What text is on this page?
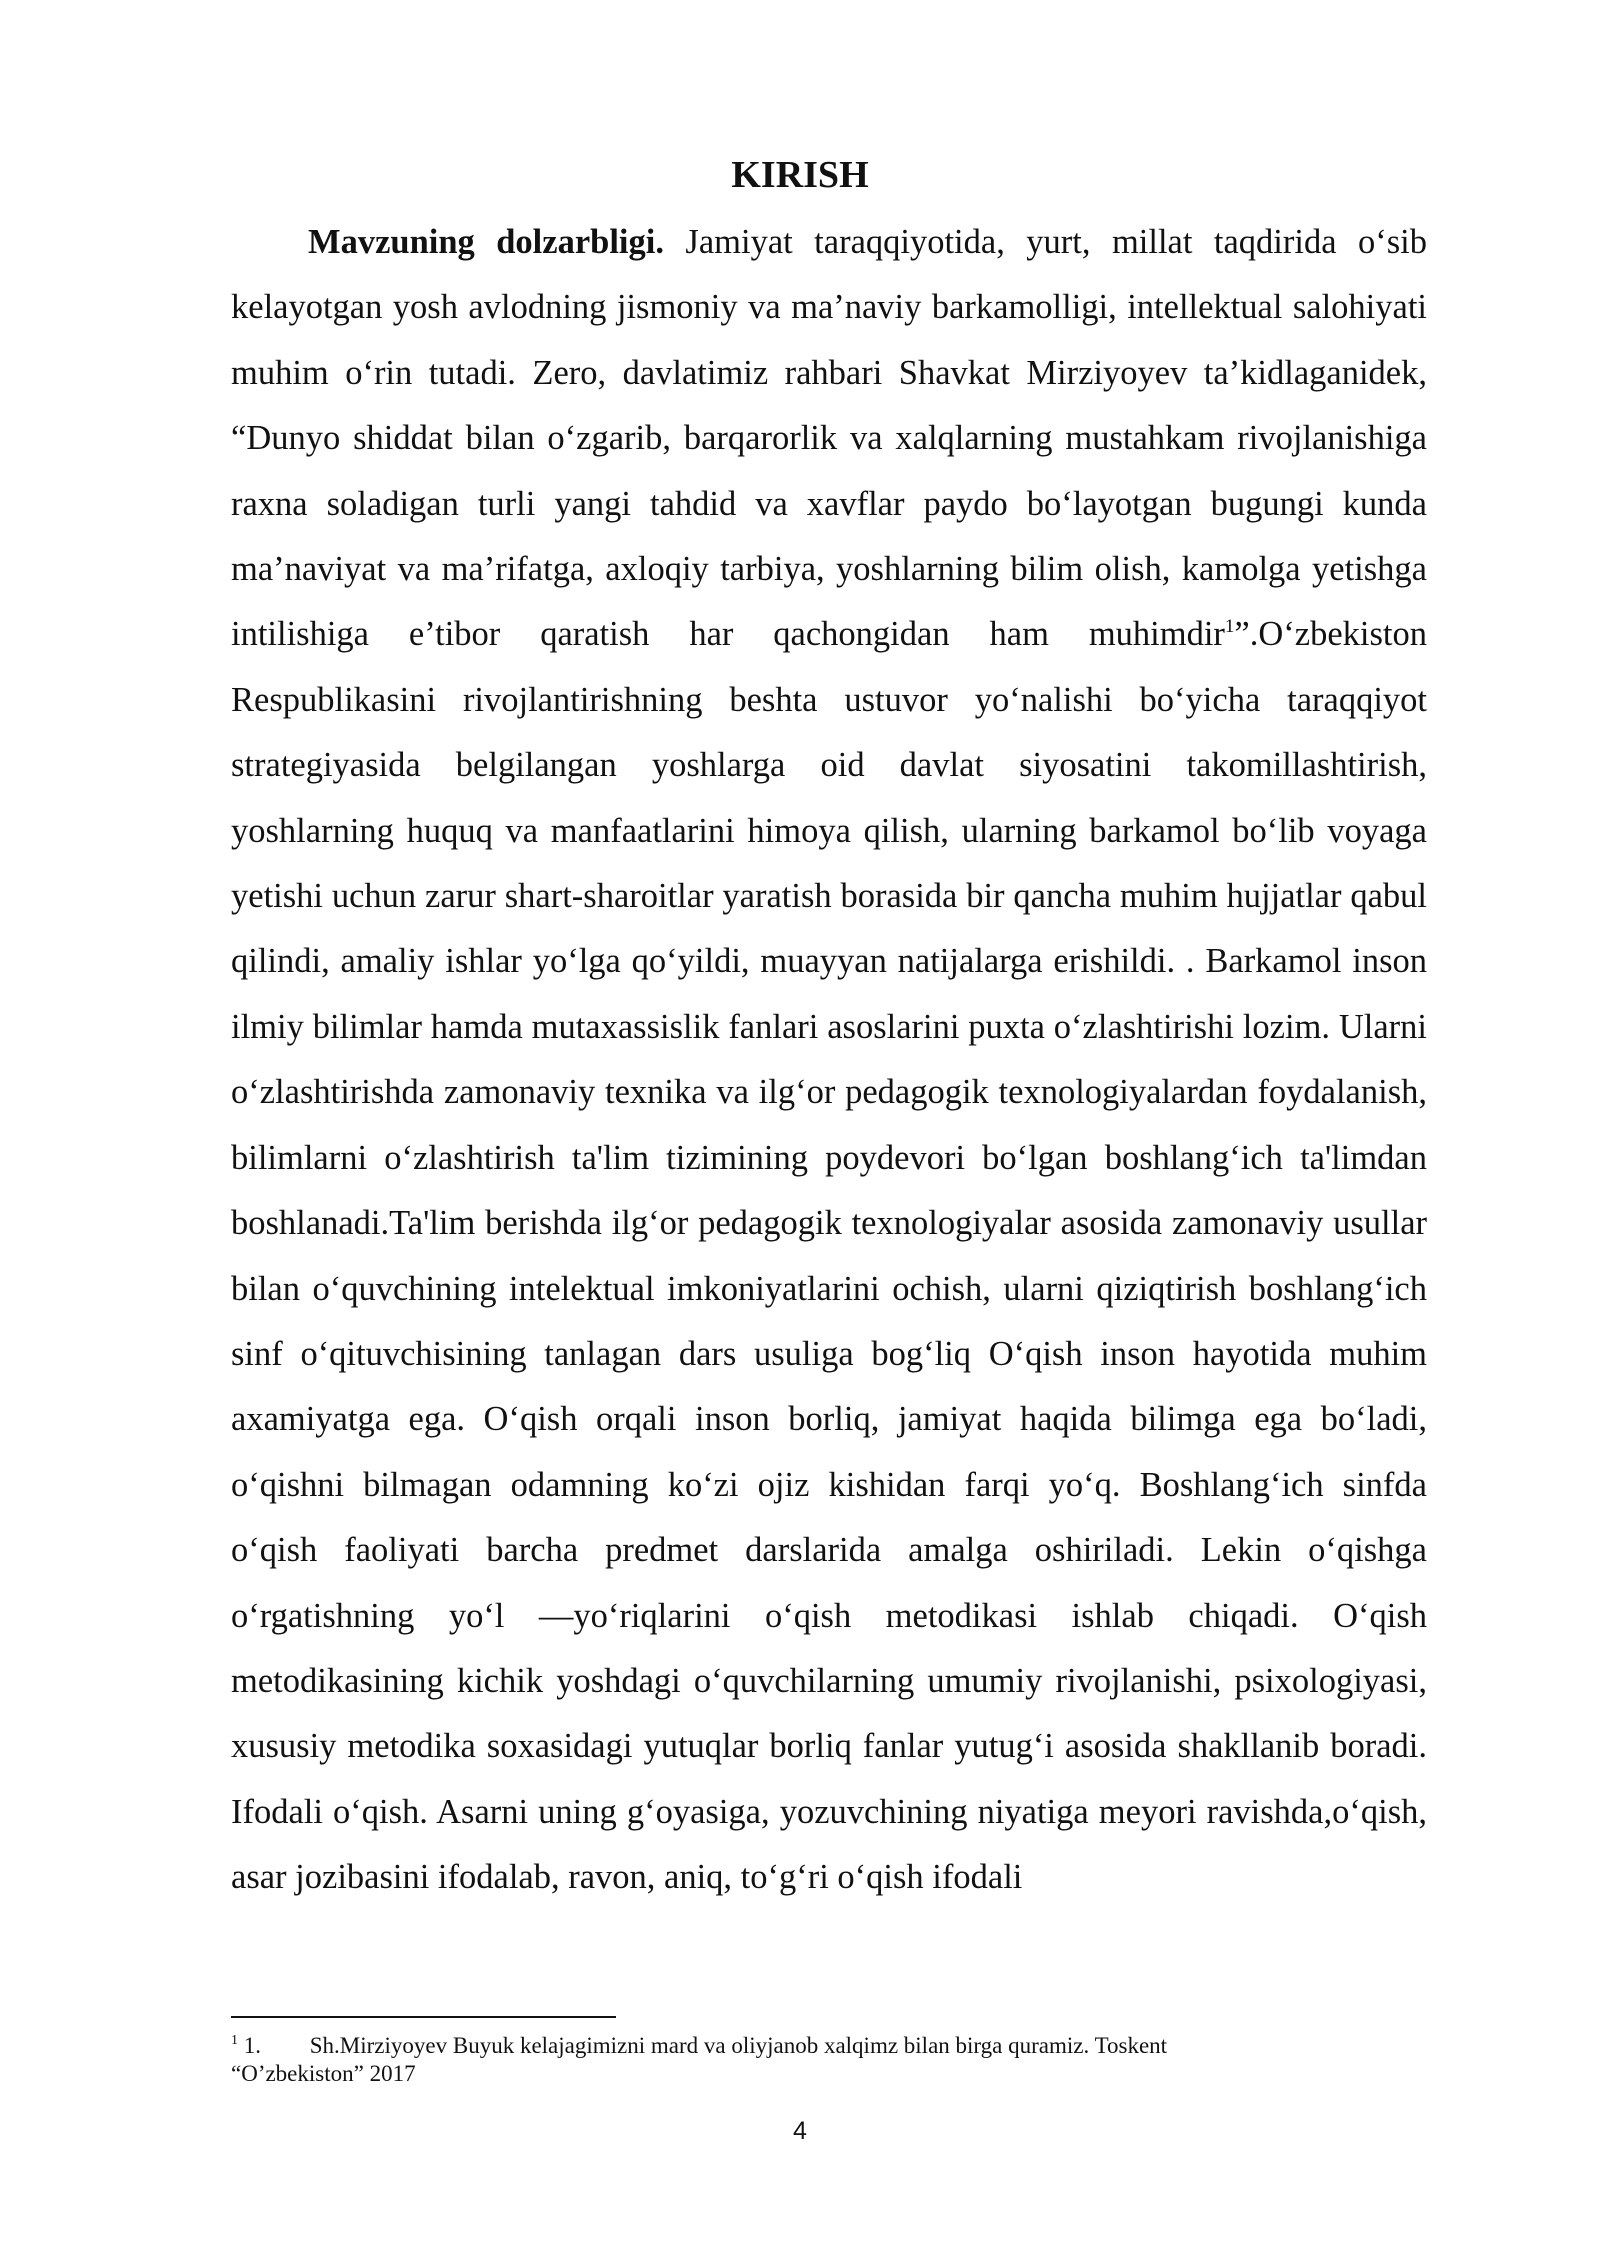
KIRISH

Mavzuning dolzarbligi. Jamiyat taraqqiyotida, yurt, millat taqdirida o‘sib kelayotgan yosh avlodning jismoniy va ma’naviy barkamolligi, intellektual salohiyati muhim o‘rin tutadi. Zero, davlatimiz rahbari Shavkat Mirziyoyev ta’kidlaganidek, “Dunyo shiddat bilan o‘zgarib, barqarorlik va xalqlarning mustahkam rivojlanishiga raxna soladigan turli yangi tahdid va xavflar paydo bo‘layotgan bugungi kunda ma’naviyat va ma’rifatga, axloqiy tarbiya, yoshlarning bilim olish, kamolga yetishga intilishiga e’tibor qaratish har qachongidan ham muhimdir$^1$”.O‘zbekiston Respublikasini rivojlantirishning beshta ustuvor yo‘nalishi bo‘yicha taraqqiyot strategiyasida belgilangan yoshlarga oid davlat siyosatini takomillashtirish, yoshlarning huquq va manfaatlarini himoya qilish, ularning barkamol bo‘lib voyaga yetishi uchun zarur shart-sharoitlar yaratish borasida bir qancha muhim hujjatlar qabul qilindi, amaliy ishlar yo‘lga qo‘yildi, muayyan natijalarga erishildi. . Barkamol inson ilmiy bilimlar hamda mutaxassislik fanlari asoslarini puxta o‘zlashtirishi lozim. Ularni o‘zlashtirishda zamonaviy texnika va ilg‘or pedagogik texnologiyalardan foydalanish, bilimlarni o‘zlashtirish ta'lim tizimining poydevori bo‘lgan boshlang‘ich ta'limdan boshlanadi.Ta'lim berishda ilg‘or pedagogik texnologiyalar asosida zamonaviy usullar bilan o‘quvchining intelektual imkoniyatlarini ochish, ularni qiziqtirish boshlang‘ich sinf o‘qituvchisining tanlagan dars usuliga bog‘liq O‘qish inson hayotida muhim axamiyatga ega. O‘qish orqali inson borliq, jamiyat haqida bilimga ega bo‘ladi, o‘qishni bilmagan odamning ko‘zi ojiz kishidan farqi yo‘q. Boshlang‘ich sinfda o‘qish faoliyati barcha predmet darslarida amalga oshiriladi. Lekin o‘qishga o‘rgatishning yo‘l —yo‘riqlarini o‘qish metodikasi ishlab chiqadi. O‘qish metodikasining kichik yoshdagi o‘quvchilarning umumiy rivojlanishi, psixologiyasi, xususiy metodika soxasidagi yutuqlar borliq fanlar yutug‘i asosida shakllanib boradi. Ifodali o‘qish. Asarni uning g‘oyasiga, yozuvchining niyatiga meyori ravishda,o‘qish, asar jozibasini ifodalab, ravon, aniq, to‘g‘ri o‘qish ifodali

$^1$ 1. Sh.Mirziyoyev Buyuk kelajagimizni mard va oliyjanob xalqimz bilan birga quramiz. Toskent
“O’zbekiston” 2017
4
